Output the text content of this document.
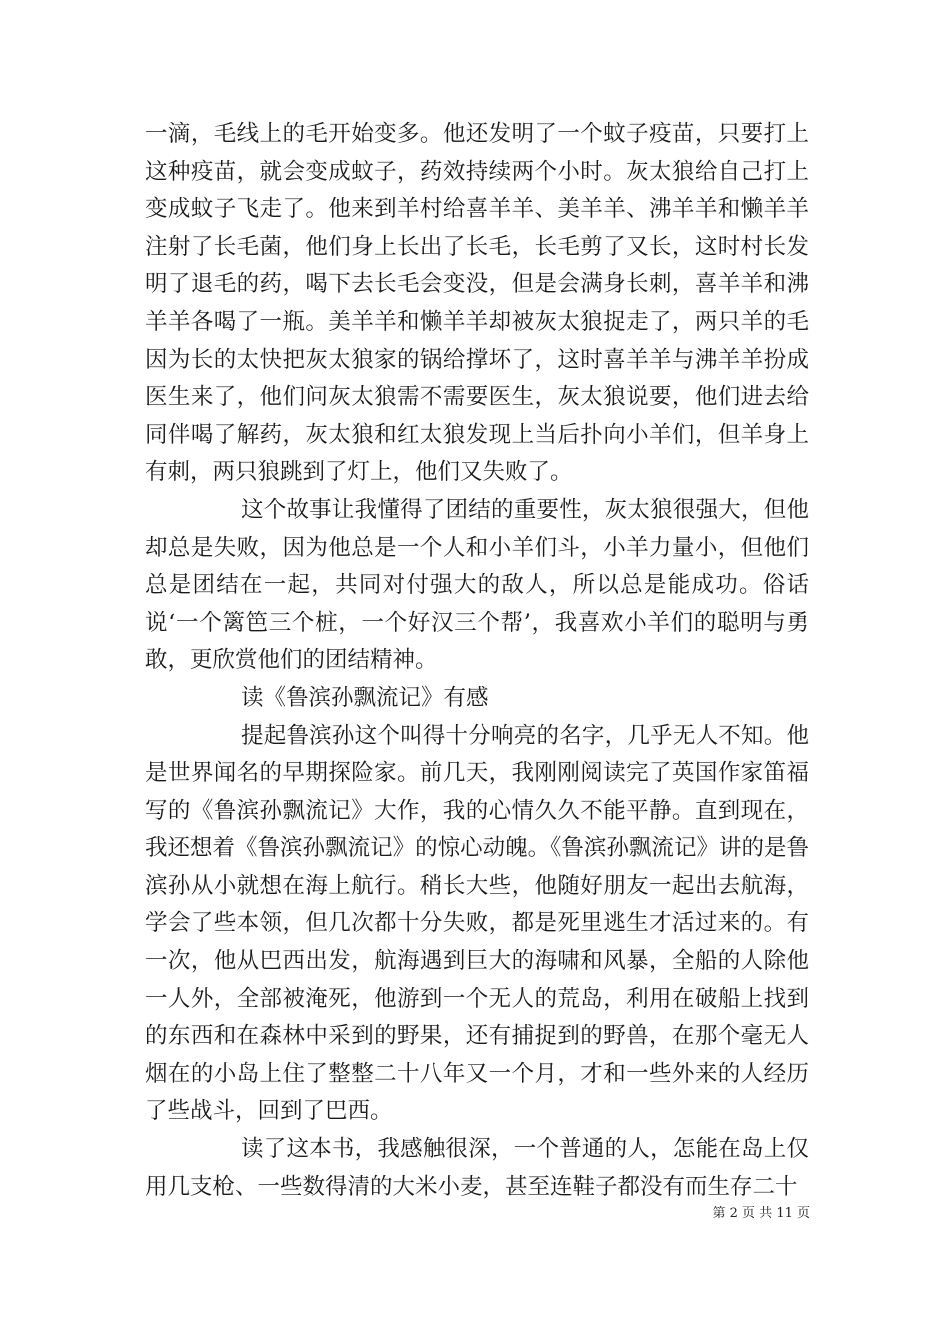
一滴，毛线上的毛开始变多。他还发明了一个蚊子疫苗，只要打上这种疫苗，就会变成蚊子，药效持续两个小时。灰太狼给自己打上变成蚊子飞走了。他来到羊村给喜羊羊、美羊羊、沸羊羊和懒羊羊注射了长毛菌，他们身上长出了长毛，长毛剪了又长，这时村长发明了退毛的药，喝下去长毛会变没，但是会满身长刺，喜羊羊和沸羊羊各喝了一瓶。美羊羊和懒羊羊却被灰太狼捉走了，两只羊的毛因为长的太快把灰太狼家的锅给撑坏了，这时喜羊羊与沸羊羊扮成医生来了，他们问灰太狼需不需要医生，灰太狼说要，他们进去给同伴喝了解药，灰太狼和红太狼发现上当后扑向小羊们，但羊身上有刺，两只狼跳到了灯上，他们又失败了。

这个故事让我懂得了团结的重要性，灰太狼很强大，但他却总是失败，因为他总是一个人和小羊们斗，小羊力量小，但他们总是团结在一起，共同对付强大的敌人，所以总是能成功。俗话说‘一个篱笆三个桩，一个好汉三个帮’，我喜欢小羊们的聪明与勇敢，更欣赏他们的团结精神。

读《鲁滨孙飘流记》有感

提起鲁滨孙这个叫得十分响亮的名字，几乎无人不知。他是世界闻名的早期探险家。前几天，我刚刚阅读完了英国作家笛福写的《鲁滨孙飘流记》大作，我的心情久久不能平静。直到现在，我还想着《鲁滨孙飘流记》的惊心动魄。《鲁滨孙飘流记》讲的是鲁滨孙从小就想在海上航行。稍长大些，他随好朋友一起出去航海，学会了些本领，但几次都十分失败，都是死里逃生才活过来的。有一次，他从巴西出发，航海遇到巨大的海啸和风暴，全船的人除他一人外，全部被淹死，他游到一个无人的荒岛，利用在破船上找到的东西和在森林中采到的野果，还有捕捉到的野兽，在那个毫无人烟在的小岛上住了整整二十八年又一个月，才和一些外来的人经历了些战斗，回到了巴西。

读了这本书，我感触很深，一个普通的人，怎能在岛上仅用几支枪、一些数得清的大米小麦，甚至连鞋子都没有而生存二十

第 2 页 共 11 页
